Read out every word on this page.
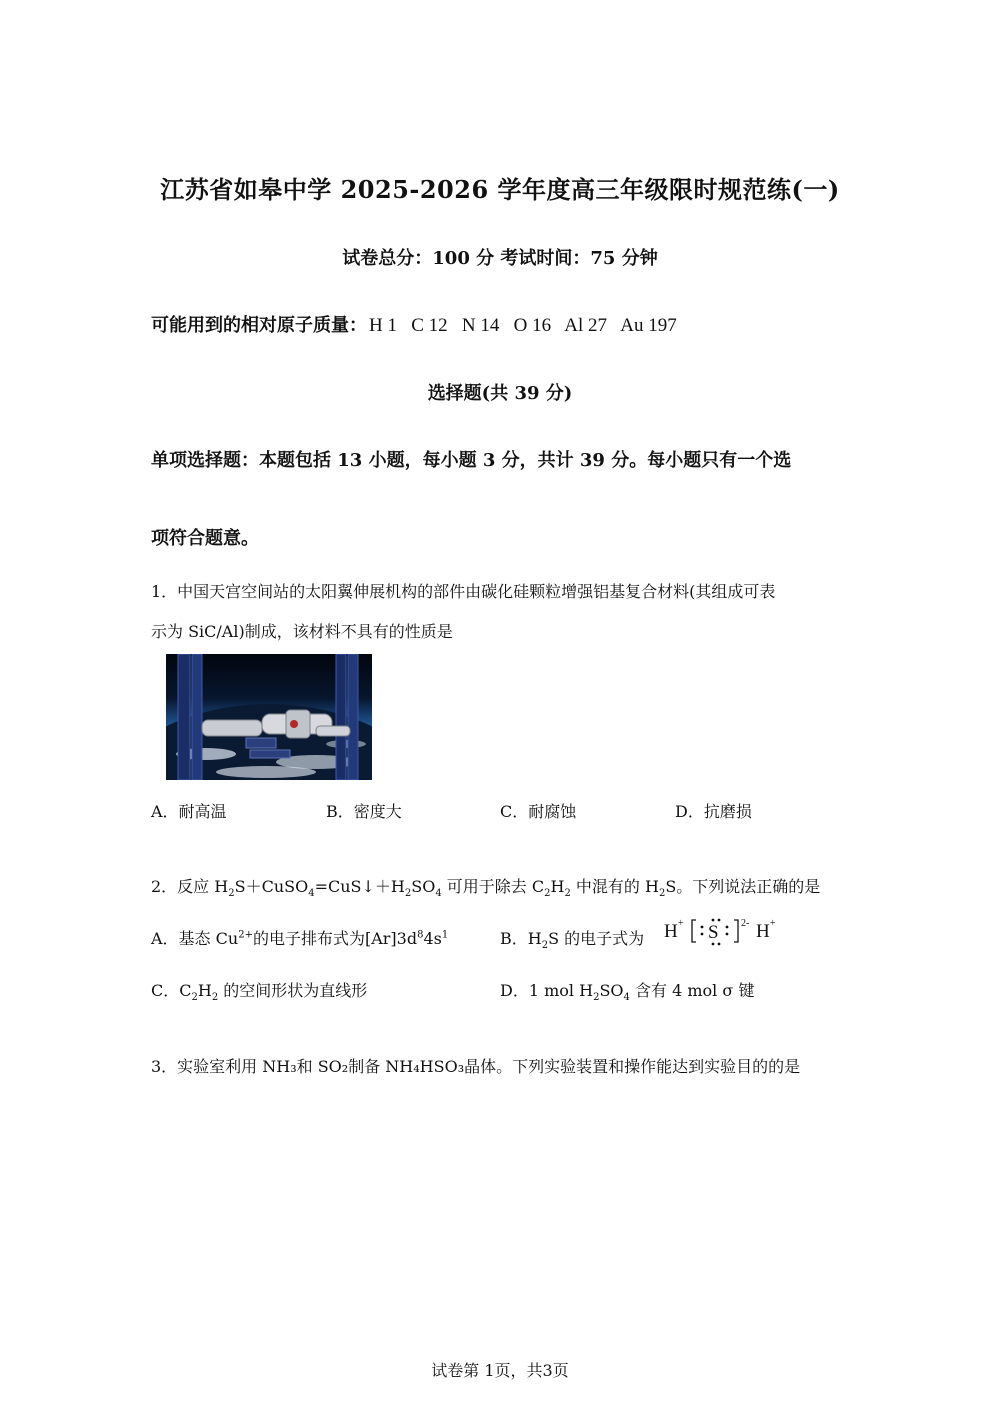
江苏省如皋中学 2025-2026 学年度高三年级限时规范练(一)
试卷总分：100 分 考试时间：75 分钟
可能用到的相对原子质量： H 1   C 12   N 14   O 16   Al 27   Au 197
选择题(共 39 分)
单项选择题：本题包括 13 小题，每小题 3 分，共计 39 分。每小题只有一个选
项符合题意。
1．中国天宫空间站的太阳翼伸展机构的部件由碳化硅颗粒增强铝基复合材料(其组成可表
示为 SiC/Al)制成，该材料不具有的性质是
A．耐高温	B．密度大	C．耐腐蚀	D．抗磨损
2．反应 $H_2S+CuSO_4=CuS↓+H_2SO_4$ 可用于除去 $C_2H_2$ 中混有的 $H_2S$。下列说法正确的是
A．基态 $Cu^{2+}$的电子排布式为$[Ar]3d^84s^1$	B．$H_2S$ 的电子式为 H + S 2- H +
C．$C_2H_2$ 的空间形状为直线形	D．1 mol $H_2SO_4$ 含有 4 mol σ 键
3．实验室利用 NH₃和 SO₂制备 NH₄HSO₃晶体。下列实验装置和操作能达到实验目的的是
试卷第 1页，共3页
